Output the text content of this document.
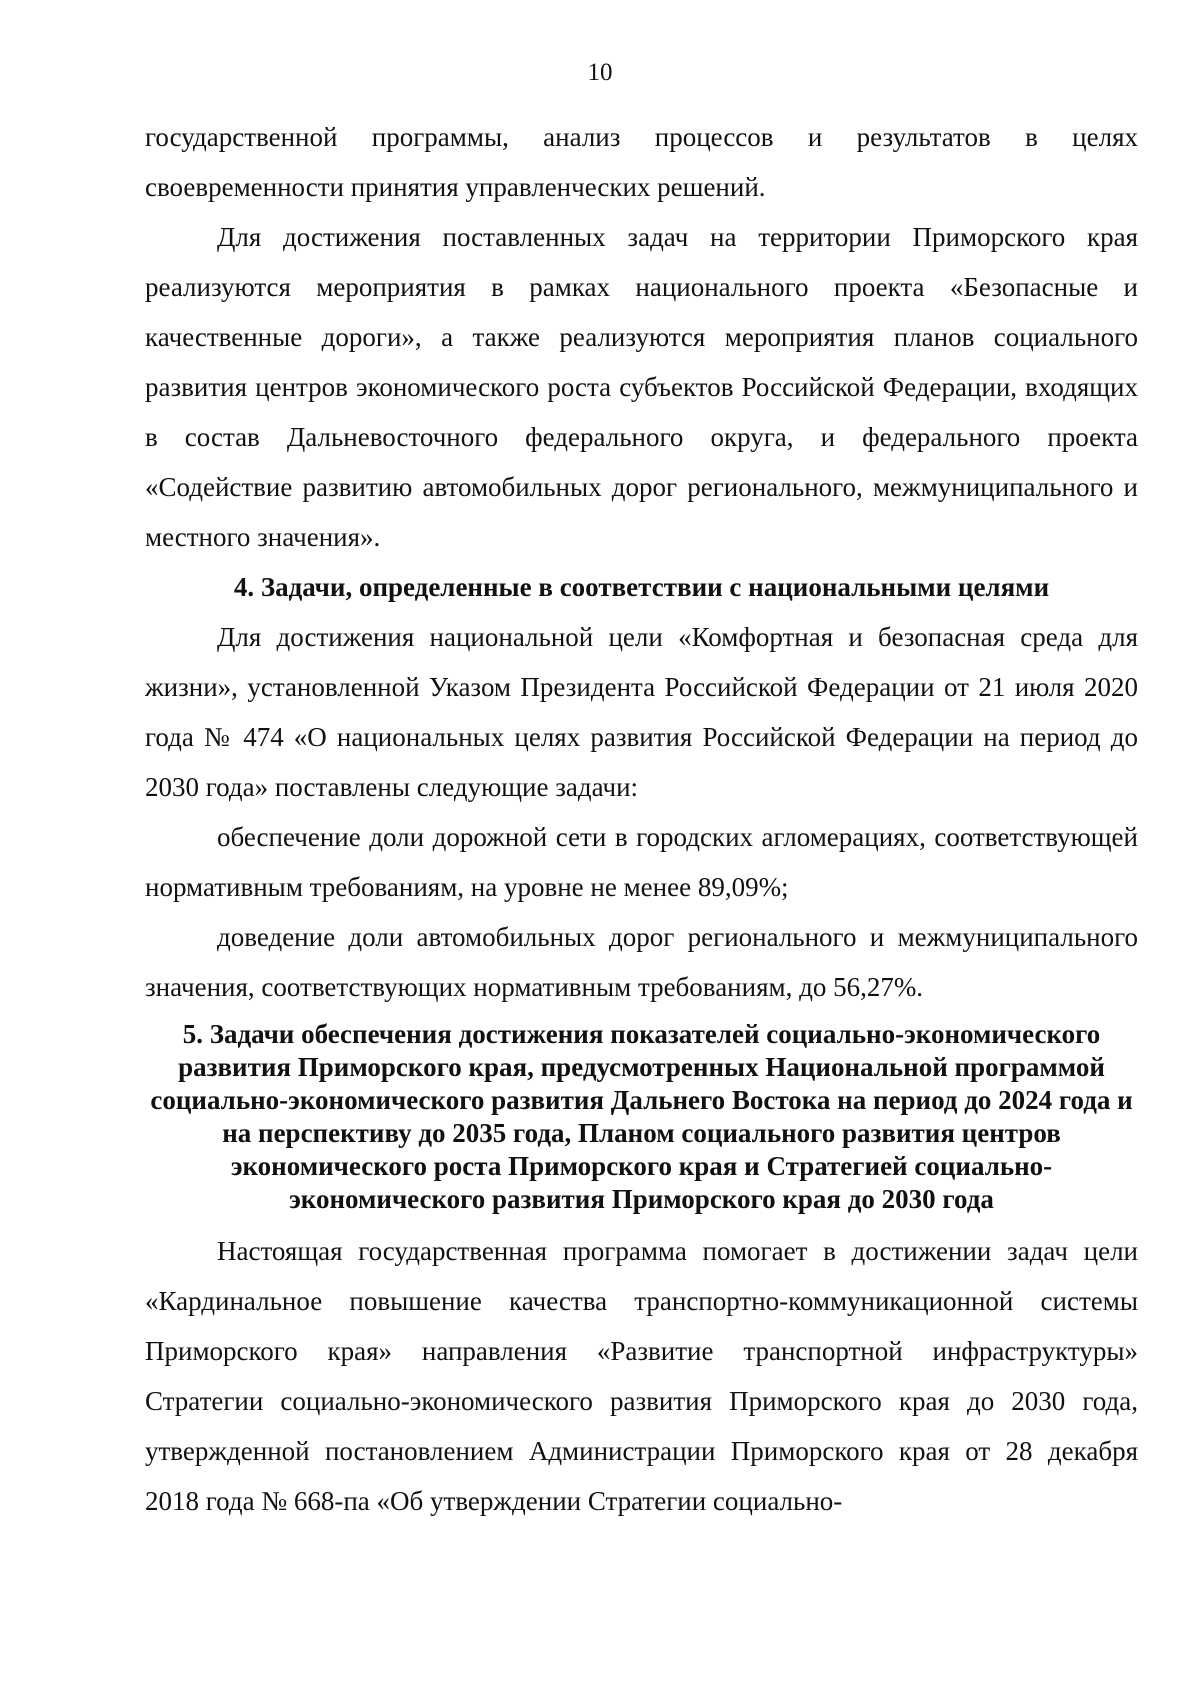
10

государственной программы, анализ процессов и результатов в целях своевременности принятия управленческих решений.

Для достижения поставленных задач на территории Приморского края реализуются мероприятия в рамках национального проекта «Безопасные и качественные дороги», а также реализуются мероприятия планов социального развития центров экономического роста субъектов Российской Федерации, входящих в состав Дальневосточного федерального округа, и федерального проекта «Содействие развитию автомобильных дорог регионального, межмуниципального и местного значения».

4. Задачи, определенные в соответствии с национальными целями

Для достижения национальной цели «Комфортная и безопасная среда для жизни», установленной Указом Президента Российской Федерации от 21 июля 2020 года № 474 «О национальных целях развития Российской Федерации на период до 2030 года» поставлены следующие задачи:

обеспечение доли дорожной сети в городских агломерациях, соответствующей нормативным требованиям, на уровне не менее 89,09%;

доведение доли автомобильных дорог регионального и межмуниципального значения, соответствующих нормативным требованиям, до 56,27%.

5. Задачи обеспечения достижения показателей социально-экономического развития Приморского края, предусмотренных Национальной программой социально-экономического развития Дальнего Востока на период до 2024 года и на перспективу до 2035 года, Планом социального развития центров экономического роста Приморского края и Стратегией социально-экономического развития Приморского края до 2030 года

Настоящая государственная программа помогает в достижении задач цели «Кардинальное повышение качества транспортно-коммуникационной системы Приморского края» направления «Развитие транспортной инфраструктуры» Стратегии социально-экономического развития Приморского края до 2030 года, утвержденной постановлением Администрации Приморского края от 28 декабря 2018 года № 668-па «Об утверждении Стратегии социально-
